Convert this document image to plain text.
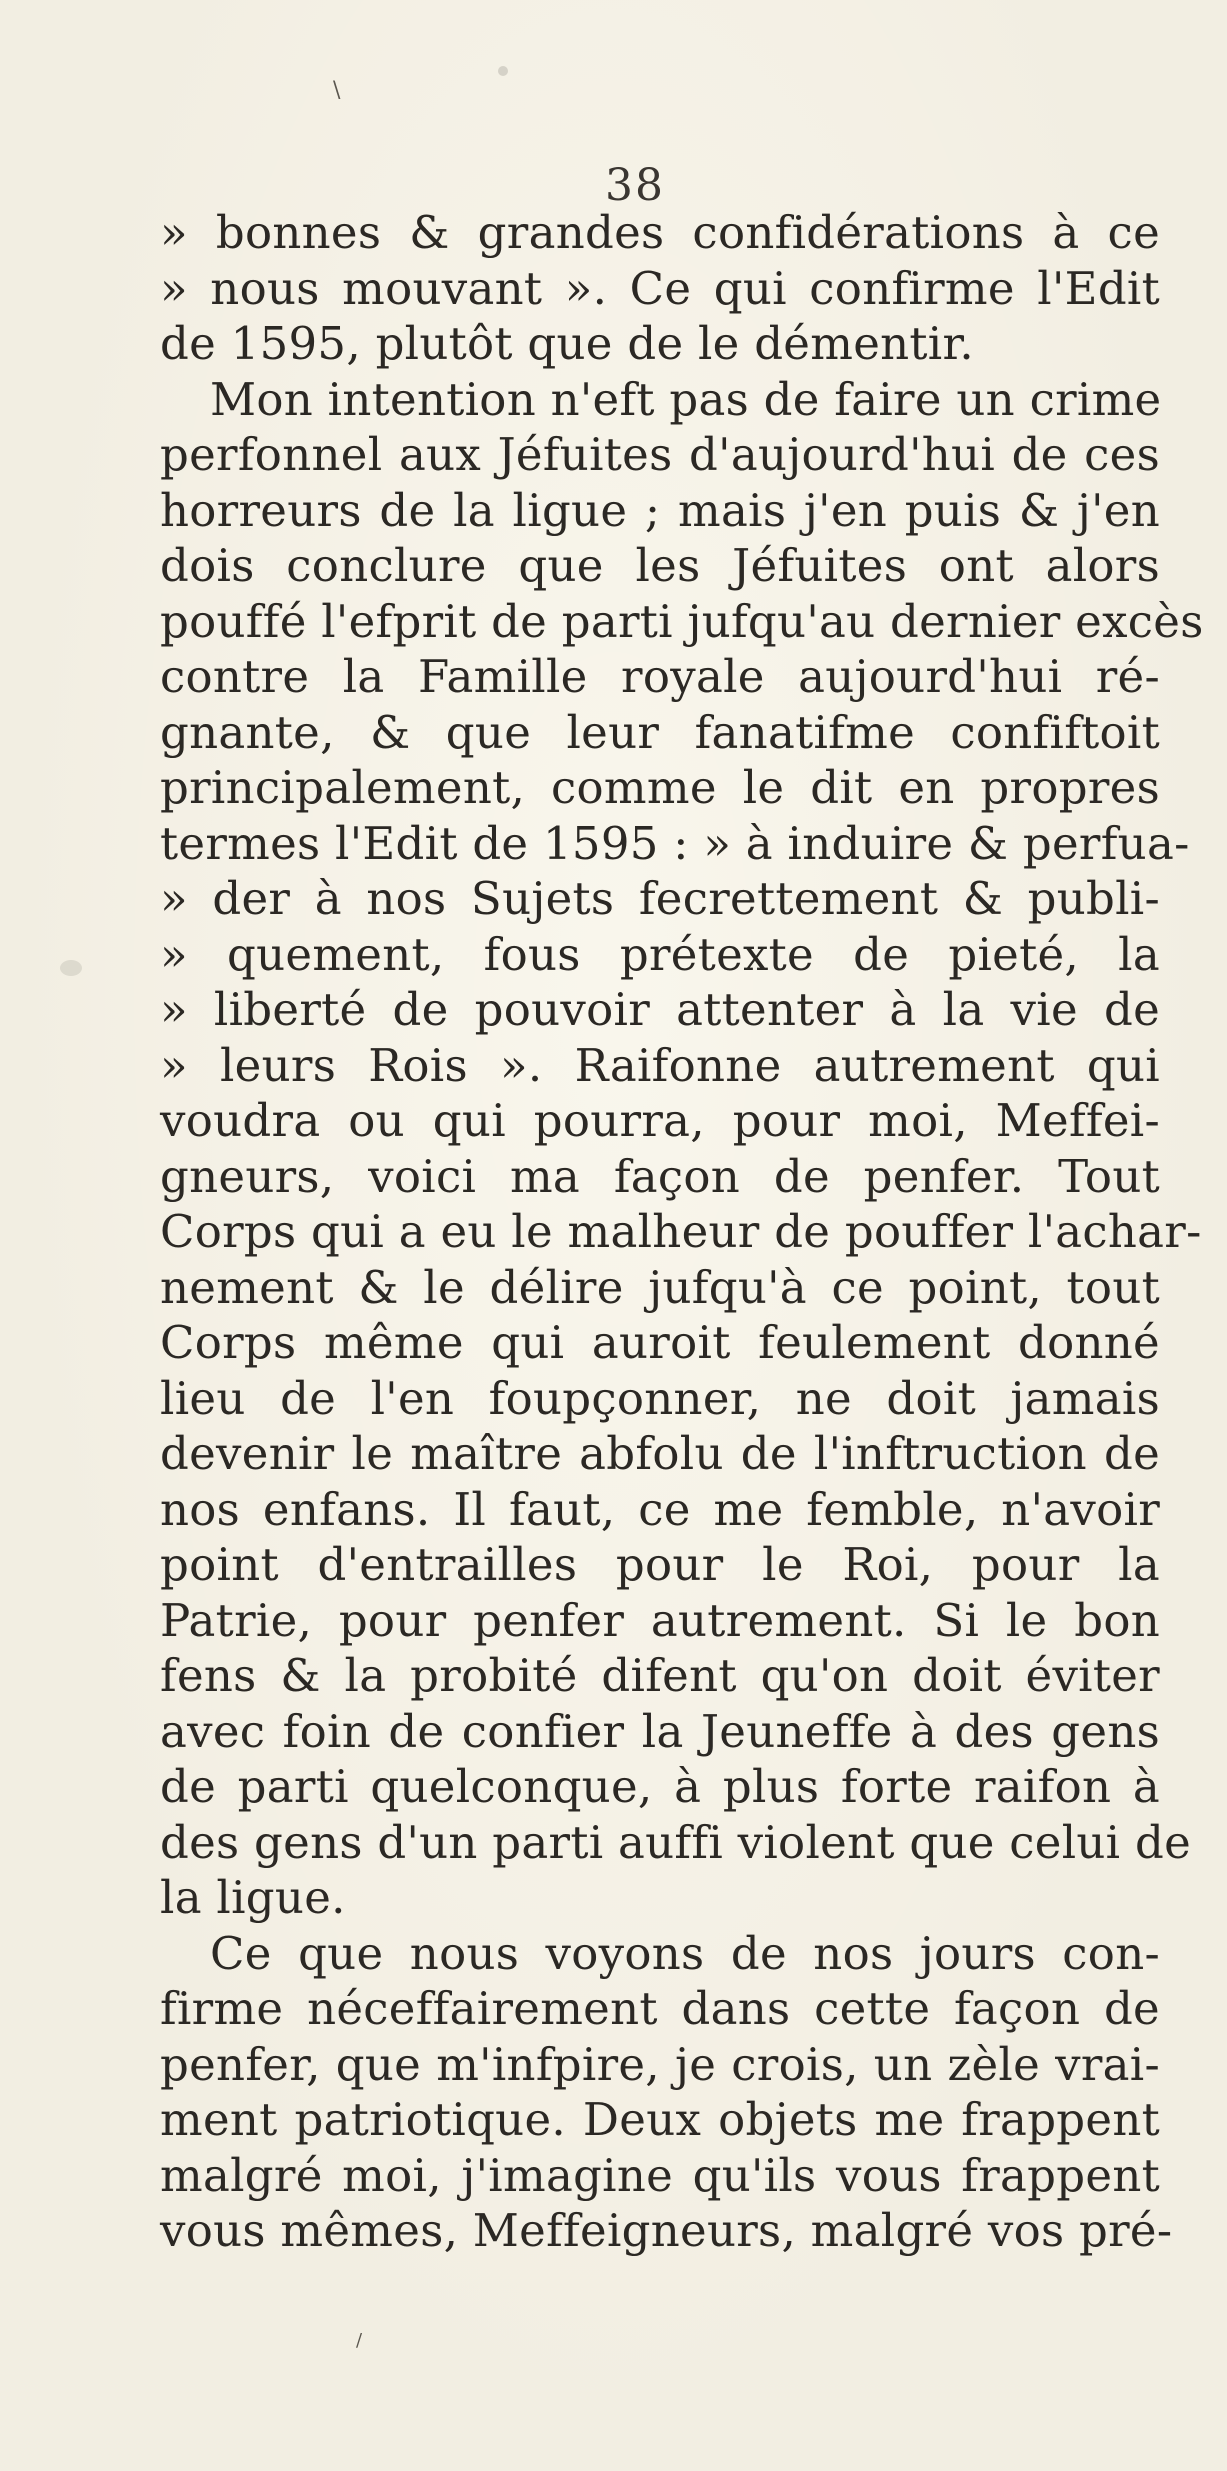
\
38
» bonnes & grandes confidérations à ce
» nous mouvant ». Ce qui confirme l'Edit
de 1595, plutôt que de le démentir.
Mon intention n'eft pas de faire un crime
perfonnel aux Jéfuites d'aujourd'hui de ces
horreurs de la ligue ; mais j'en puis & j'en
dois conclure que les Jéfuites ont alors
pouffé l'efprit de parti jufqu'au dernier excès
contre la Famille royale aujourd'hui ré-
gnante, & que leur fanatifme confiftoit
principalement, comme le dit en propres
termes l'Edit de 1595 : » à induire & perfua-
» der à nos Sujets fecrettement & publi-
» quement, fous prétexte de pieté, la
» liberté de pouvoir attenter à la vie de
» leurs Rois ». Raifonne autrement qui
voudra ou qui pourra, pour moi, Meffei-
gneurs, voici ma façon de penfer. Tout
Corps qui a eu le malheur de pouffer l'achar-
nement & le délire jufqu'à ce point, tout
Corps même qui auroit feulement donné
lieu de l'en foupçonner, ne doit jamais
devenir le maître abfolu de l'inftruction de
nos enfans. Il faut, ce me femble, n'avoir
point d'entrailles pour le Roi, pour la
Patrie, pour penfer autrement. Si le bon
fens & la probité difent qu'on doit éviter
avec foin de confier la Jeuneffe à des gens
de parti quelconque, à plus forte raifon à
des gens d'un parti auffi violent que celui de
la ligue.
Ce que nous voyons de nos jours con-
firme néceffairement dans cette façon de
penfer, que m'infpire, je crois, un zèle vrai-
ment patriotique. Deux objets me frappent
malgré moi, j'imagine qu'ils vous frappent
vous mêmes, Meffeigneurs, malgré vos pré-
/
